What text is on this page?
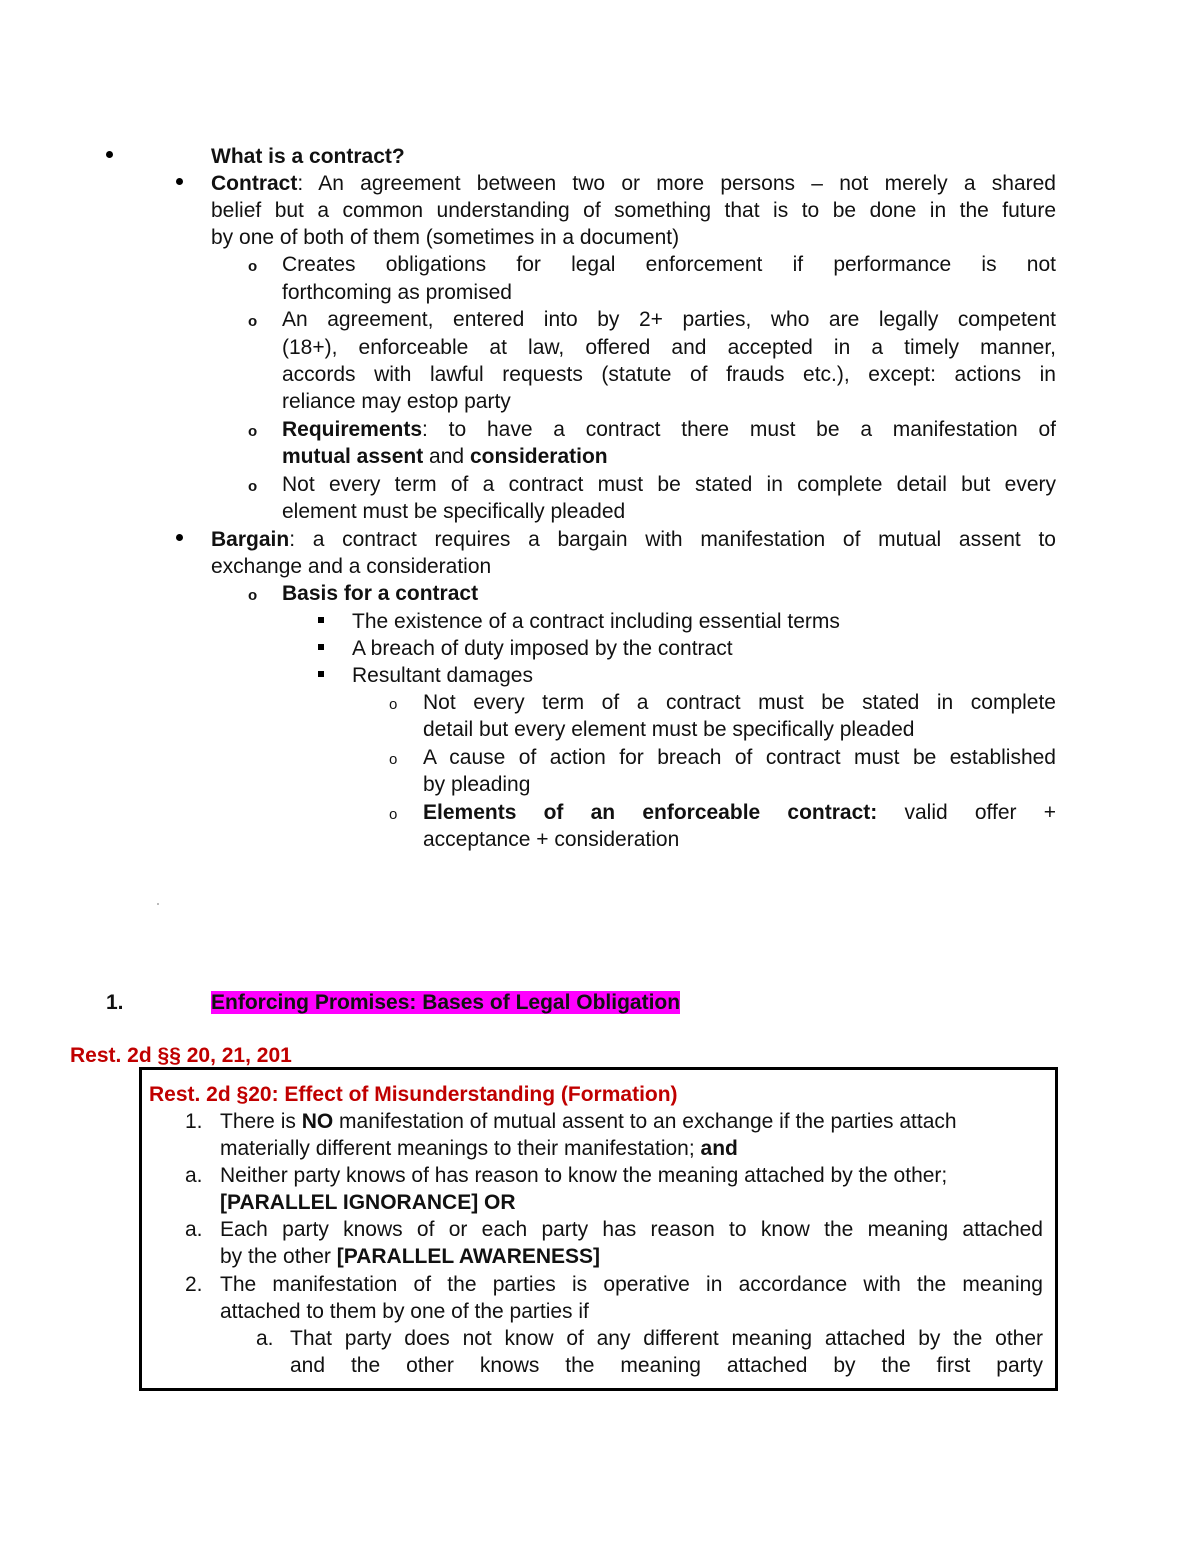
What is a contract?
Contract: An agreement between two or more persons – not merely a shared
belief but a common understanding of something that is to be done in the future
by one of both of them (sometimes in a document)
o Creates obligations for legal enforcement if performance is not
forthcoming as promised
o An agreement, entered into by 2+ parties, who are legally competent
(18+), enforceable at law, offered and accepted in a timely manner,
accords with lawful requests (statute of frauds etc.), except: actions in
reliance may estop party
o Requirements: to have a contract there must be a manifestation of
mutual assent and consideration
o Not every term of a contract must be stated in complete detail but every
element must be specifically pleaded
Bargain: a contract requires a bargain with manifestation of mutual assent to
exchange and a consideration
o Basis for a contract
The existence of a contract including essential terms
A breach of duty imposed by the contract
Resultant damages
o Not every term of a contract must be stated in complete
detail but every element must be specifically pleaded
o A cause of action for breach of contract must be established
by pleading
o Elements of an enforceable contract: valid offer +
acceptance + consideration
1.	Enforcing Promises: Bases of Legal Obligation
Rest. 2d §§ 20, 21, 201
Rest. 2d §20: Effect of Misunderstanding (Formation)
1. There is NO manifestation of mutual assent to an exchange if the parties attach
materially different meanings to their manifestation; and
a. Neither party knows of has reason to know the meaning attached by the other;
[PARALLEL IGNORANCE] OR
a. Each party knows of or each party has reason to know the meaning attached
by the other [PARALLEL AWARENESS]
2. The manifestation of the parties is operative in accordance with the meaning
attached to them by one of the parties if
a. That party does not know of any different meaning attached by the other
and the other knows the meaning attached by the first party
